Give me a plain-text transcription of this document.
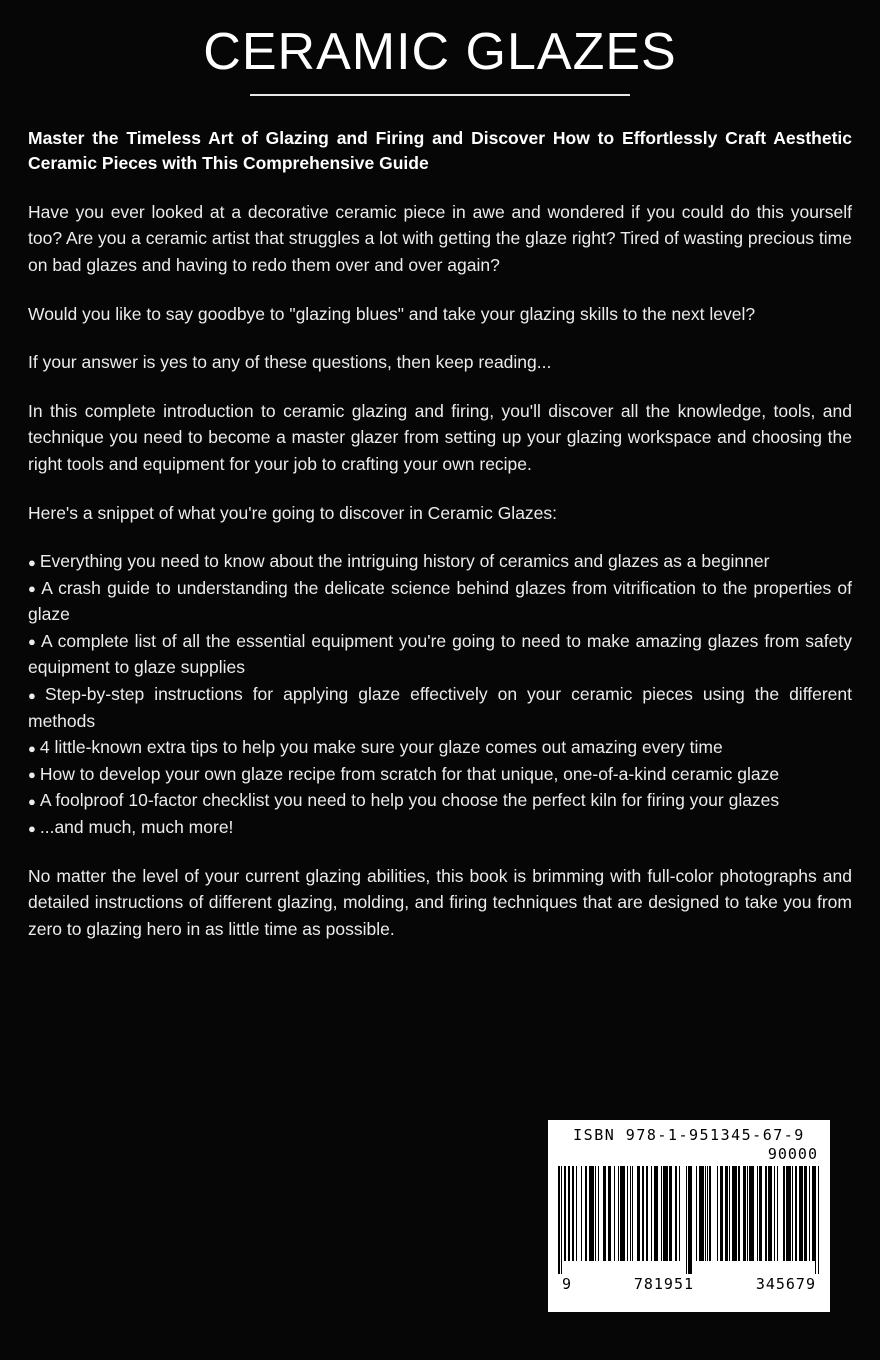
CERAMIC GLAZES

Master the Timeless Art of Glazing and Firing and Discover How to Effortlessly Craft Aesthetic Ceramic Pieces with This Comprehensive Guide

Have you ever looked at a decorative ceramic piece in awe and wondered if you could do this yourself too? Are you a ceramic artist that struggles a lot with getting the glaze right? Tired of wasting precious time on bad glazes and having to redo them over and over again?

Would you like to say goodbye to "glazing blues" and take your glazing skills to the next level?

If your answer is yes to any of these questions, then keep reading...

In this complete introduction to ceramic glazing and firing, you'll discover all the knowledge, tools, and technique you need to become a master glazer from setting up your glazing workspace and choosing the right tools and equipment for your job to crafting your own recipe.

Here's a snippet of what you're going to discover in Ceramic Glazes:

● Everything you need to know about the intriguing history of ceramics and glazes as a beginner
● A crash guide to understanding the delicate science behind glazes from vitrification to the properties of glaze
● A complete list of all the essential equipment you're going to need to make amazing glazes from safety equipment to glaze supplies
● Step-by-step instructions for applying glaze effectively on your ceramic pieces using the different methods
● 4 little-known extra tips to help you make sure your glaze comes out amazing every time
● How to develop your own glaze recipe from scratch for that unique, one-of-a-kind ceramic glaze
● A foolproof 10-factor checklist you need to help you choose the perfect kiln for firing your glazes
● ...and much, much more!

No matter the level of your current glazing abilities, this book is brimming with full-color photographs and detailed instructions of different glazing, molding, and firing techniques that are designed to take you from zero to glazing hero in as little time as possible.

ISBN 978-1-951345-67-9

90000

9	781951	345679
